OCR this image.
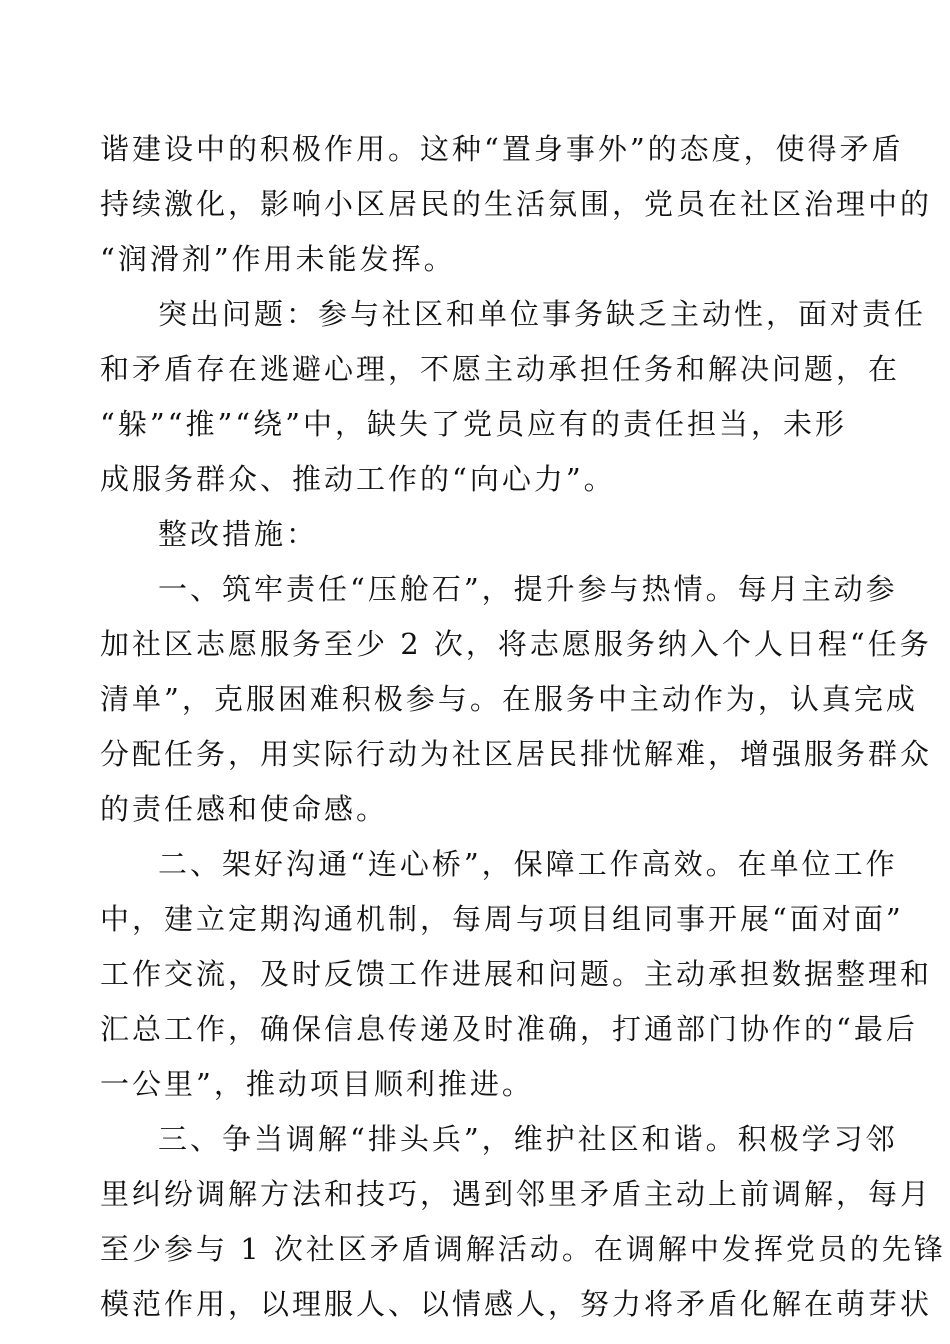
谐建设中的积极作用。这种“置身事外”的态度，使得矛盾
持续激化，影响小区居民的生活氛围，党员在社区治理中的
“润滑剂”作用未能发挥。
突出问题：参与社区和单位事务缺乏主动性，面对责任
和矛盾存在逃避心理，不愿主动承担任务和解决问题，在
“躲”“推”“绕”中，缺失了党员应有的责任担当，未形
成服务群众、推动工作的“向心力”。
整改措施：
一、筑牢责任“压舱石”，提升参与热情。每月主动参
加社区志愿服务至少 2 次，将志愿服务纳入个人日程“任务
清单”，克服困难积极参与。在服务中主动作为，认真完成
分配任务，用实际行动为社区居民排忧解难，增强服务群众
的责任感和使命感。
二、架好沟通“连心桥”，保障工作高效。在单位工作
中，建立定期沟通机制，每周与项目组同事开展“面对面”
工作交流，及时反馈工作进展和问题。主动承担数据整理和
汇总工作，确保信息传递及时准确，打通部门协作的“最后
一公里”，推动项目顺利推进。
三、争当调解“排头兵”，维护社区和谐。积极学习邻
里纠纷调解方法和技巧，遇到邻里矛盾主动上前调解，每月
至少参与 1 次社区矛盾调解活动。在调解中发挥党员的先锋
模范作用，以理服人、以情感人，努力将矛盾化解在萌芽状
